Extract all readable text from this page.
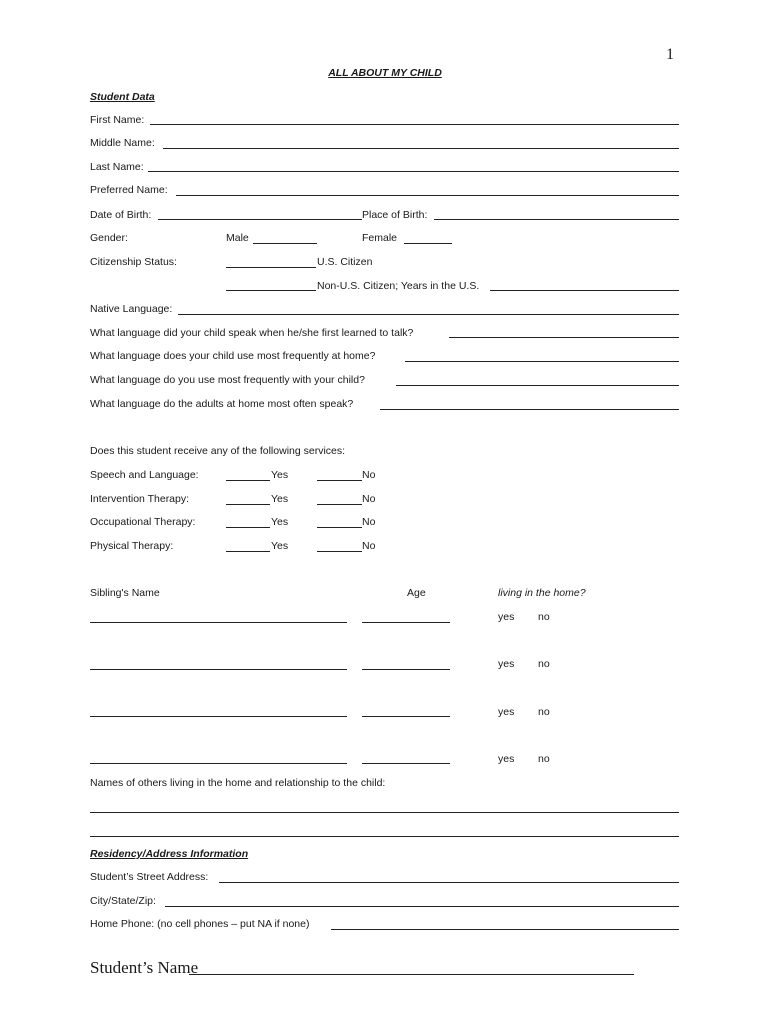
1
ALL ABOUT MY CHILD
Student Data
First Name:
Middle Name:
Last Name:
Preferred Name:
Date of Birth:	Place of Birth:
Gender:	Male	Female
Citizenship Status:	U.S. Citizen
Non-U.S. Citizen; Years in the U.S.
Native Language:
What language did your child speak when he/she first learned to talk?
What language does your child use most frequently at home?
What language do you use most frequently with your child?
What language do the adults at home most often speak?
Does this student receive any of the following services:
Speech and Language:	Yes	No
Intervention Therapy:	Yes	No
Occupational Therapy:	Yes	No
Physical Therapy:	Yes	No
Sibling's Name	Age	living in the home?
yes no
yes no
yes no
yes no
Names of others living in the home and relationship to the child:
Residency/Address Information
Student’s Street Address:
City/State/Zip:
Home Phone: (no cell phones – put NA if none)
Student’s Name
